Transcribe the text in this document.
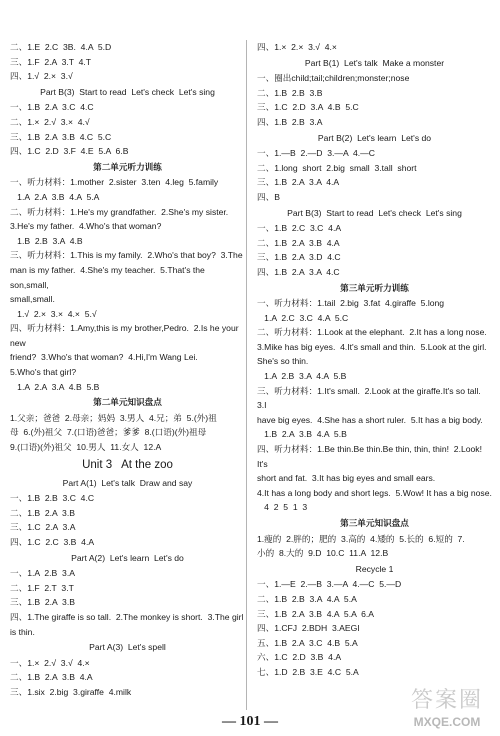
二、1.E  2.C  3B.  4.A  5.D
三、1.F  2.A  3.T  4.T
四、1.√  2.×  3.√
Part B(3)  Start to read  Let's check  Let's sing
一、1.B  2.A  3.C  4.C
二、1.×  2.√  3.×  4.√
三、1.B  2.A  3.B  4.C  5.C
四、1.C  2.D  3.F  4.E  5.A  6.B
第二单元听力训练
一、听力材料：1.mother  2.sister  3.ten  4.leg  5.family
1.A  2.A  3.B  4.A  5.A
二、听力材料：1.He's my grandfather.  2.She's my sister.
3.He's my father.  4.Who's that woman?
1.B  2.B  3.A  4.B
三、听力材料：1.This is my family.  2.Who's that boy?  3.The
man is my father.  4.She's my teacher.  5.That's the son,small,
small,small.
1.√  2.×  3.×  4.×  5.√
四、听力材料：1.Amy,this is my brother,Pedro.  2.Is he your new
friend?  3.Who's that woman?  4.Hi,I'm Wang Lei.
5.Who's that girl?
1.A  2.A  3.A  4.B  5.B
第二单元知识盘点
1.父亲；爸爸  2.母亲；妈妈  3.男人  4.兄；弟  5.(外)祖
母  6.(外)祖父  7.(口语)爸爸；爹爹  8.(口语)(外)祖母
9.(口语)(外)祖父  10.男人  11.女人  12.A
Unit 3   At the zoo
Part A(1)  Let's talk  Draw and say
一、1.B  2.B  3.C  4.C
二、1.B  2.A  3.B
三、1.C  2.A  3.A
四、1.C  2.C  3.B  4.A
Part A(2)  Let's learn  Let's do
一、1.A  2.B  3.A
二、1.F  2.T  3.T
三、1.B  2.A  3.B
四、1.The giraffe is so tall.  2.The monkey is short.  3.The girl is thin.
Part A(3)  Let's spell
一、1.×  2.√  3.√  4.×
二、1.B  2.A  3.B  4.A
三、1.six  2.big  3.giraffe  4.milk
四、1.×  2.×  3.√  4.×
Part B(1)  Let's talk  Make a monster
一、圈出child;tail;children;monster;nose
二、1.B  2.B  3.B
三、1.C  2.D  3.A  4.B  5.C
四、1.B  2.B  3.A
Part B(2)  Let's learn  Let's do
一、1.—B  2.—D  3.—A  4.—C
二、1.long  short  2.big  small  3.tall  short
三、1.B  2.A  3.A  4.A
四、B
Part B(3)  Start to read  Let's check  Let's sing
一、1.B  2.C  3.C  4.A
二、1.B  2.A  3.B  4.A
三、1.B  2.A  3.D  4.C
四、1.B  2.A  3.A  4.C
第三单元听力训练
一、听力材料：1.tail  2.big  3.fat  4.giraffe  5.long
1.A  2.C  3.C  4.A  5.C
二、听力材料：1.Look at the elephant.  2.It has a long nose.
3.Mike has big eyes.  4.It's small and thin.  5.Look at the girl.
She's so thin.
1.A  2.B  3.A  4.A  5.B
三、听力材料：1.It's small.  2.Look at the giraffe.It's so tall.  3.I
have big eyes.  4.She has a short ruler.  5.It has a big body.
1.B  2.A  3.B  4.A  5.B
四、听力材料：1.Be thin.Be thin.Be thin, thin, thin!  2.Look! It's
short and fat.  3.It has big eyes and small ears.
4.It has a long body and short legs.  5.Wow! It has a big nose.
4  2  5  1  3
第三单元知识盘点
1.瘦的  2.胖的；肥的  3.高的  4.矮的  5.长的  6.短的  7.
小的  8.大的  9.D  10.C  11.A  12.B
Recycle 1
一、1.—E  2.—B  3.—A  4.—C  5.—D
二、1.B  2.B  3.A  4.A  5.A
三、1.B  2.A  3.B  4.A  5.A  6.A
四、1.CFJ  2.BDH  3.AEGI
五、1.B  2.A  3.C  4.B  5.A
六、1.C  2.D  3.B  4.A
七、1.D  2.B  3.E  4.C  5.A
— 101 —
答案圈
MXQE.COM
